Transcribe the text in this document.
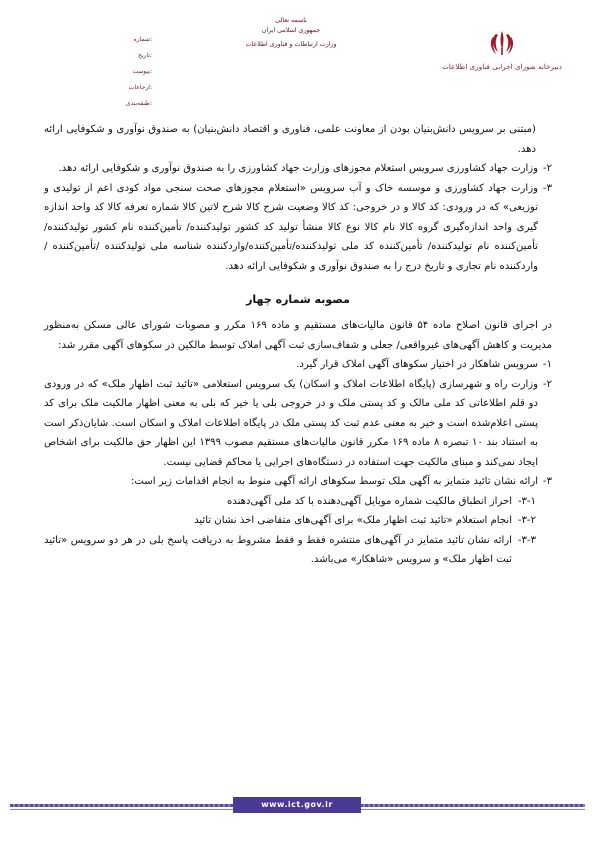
دبیرخانه شورای اجرایی فناوری اطلاعات
باسمه تعالی
جمهوری اسلامی ایران
وزارت ارتباطات و فناوری اطلاعات
شماره:
تاریخ:
پیوست:
ارجاعات:
طبقه‌بندی:

(مبتنی بر سرویس دانش‌بنیان بودن از معاونت علمی، فناوری و اقتصاد دانش‌بنیان) به صندوق نوآوری و شکوفایی ارائه دهد.

۲-
وزارت جهاد کشاورزی سرویس استعلام مجوزهای وزارت جهاد کشاورزی را به صندوق نوآوری و شکوفایی ارائه دهد.
۳-
وزارت جهاد کشاورزی و موسسه خاک و آب سرویس «استعلام مجوزهای صحت سنجی مواد کودی اعم از تولیدی و توزیعی» که در ورودی: کد کالا و در خروجی: کد کالا وضعیت شرح کالا شرح لاتین کالا شماره تعرفه کالا کد واحد اندازه گیری واحد اندازه‌گیری گروه کالا نام کالا نوع کالا منشأ تولید کد کشور تولیدکننده/ تأمین‌کننده نام کشور تولیدکننده/ تأمین‌کننده نام تولیدکننده/ تأمین‌کننده کد ملی تولیدکننده/تأمین‌کننده/واردکننده شناسه ملی تولیدکننده /تأمین‌کننده /واردکننده نام تجاری و تاریخ درج را به صندوق نوآوری و شکوفایی ارائه دهد.

مصوبه شماره چهار

در اجرای قانون اصلاح ماده ۵۴ قانون مالیات‌های مستقیم و ماده ۱۶۹ مکرر و مصوبات شورای عالی مسکن به‌منظور مدیریت و کاهش آگهی‌های غیرواقعی/ جعلی و شفاف‌سازی ثبت آگهی املاک توسط مالکین در سکوهای آگهی مقرر شد:

۱-
سرویس شاهکار در اختیار سکوهای آگهی املاک قرار گیرد.
۲-
وزارت راه و شهرسازی (پایگاه اطلاعات املاک و اسکان) یک سرویس استعلامی «تائید ثبت اظهار ملک» که در ورودی دو قلم اطلاعاتی کد ملی مالک و کد پستی ملک و در خروجی بلی یا خیر که بلی به معنی اظهار مالکیت ملک برای کد پستی اعلام‌شده است و خیر به معنی عدم ثبت کد پستی ملک در پایگاه اطلاعات املاک و اسکان است. شایان‌ذکر است به استناد بند ۱۰ تبصره ۸ ماده ۱۶۹ مکرر قانون مالیات‌های مستقیم مصوب ۱۳۹۹ این اظهار حق مالکیت برای اشخاص ایجاد نمی‌کند و مبنای مالکیت جهت استفاده در دستگاه‌های اجرایی یا محاکم قضایی نیست.
۳-
ارائه نشان تائید متمایز به آگهی ملک توسط سکوهای ارائه آگهی منوط به انجام اقدامات زیر است:
۳-۱-
احراز انطباق مالکیت شماره موبایل آگهی‌دهنده با کد ملی آگهی‌دهنده
۳-۲-
انجام استعلام «تائید ثبت اظهار ملک» برای آگهی‌های متقاضی اخذ نشان تائید
۳-۳-
ارائه نشان تائید متمایز در آگهی‌های منتشره فقط و فقط مشروط به دریافت پاسخ بلی در هر دو سرویس «تائید ثبت اظهار ملک» و سرویس «شاهکار» می‌باشد.
www.ict.gov.ir
